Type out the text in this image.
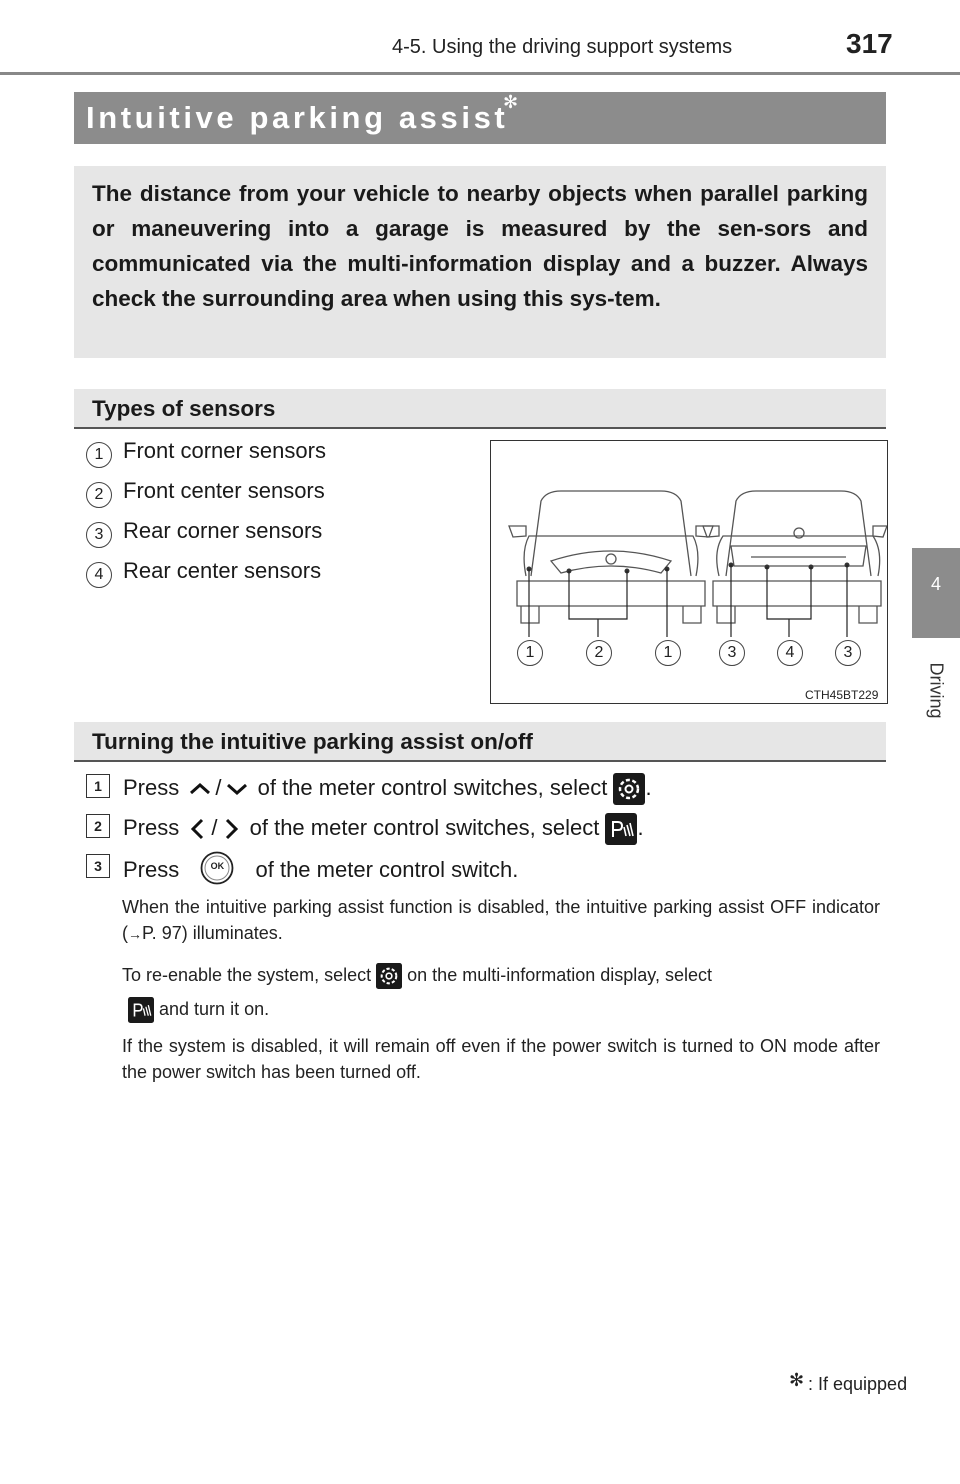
4-5. Using the driving support systems	317
4
Driving
Intuitive parking assist
✻
The distance from your vehicle to nearby objects when parallel parking or maneuvering into a garage is measured by the sen-sors and communicated via the multi-information display and a buzzer. Always check the surrounding area when using this sys-tem.
Types of sensors
1 Front corner sensors
2 Front center sensors
3 Rear corner sensors
4 Rear center sensors
1	2	1	3	4	3
CTH45BT229
Turning the intuitive parking assist on/off
1 Press / of the meter control switches, select .
2 Press / of the meter control switches, select .
3 Press	OK	of the meter control switch.
When the intuitive parking assist function is disabled, the intuitive parking assist OFF indicator (→P. 97) illuminates.
To re-enable the system, select on the multi-information display, select
and turn it on.
If the system is disabled, it will remain off even if the power switch is turned to ON mode after the power switch has been turned off.
✻ : If equipped
